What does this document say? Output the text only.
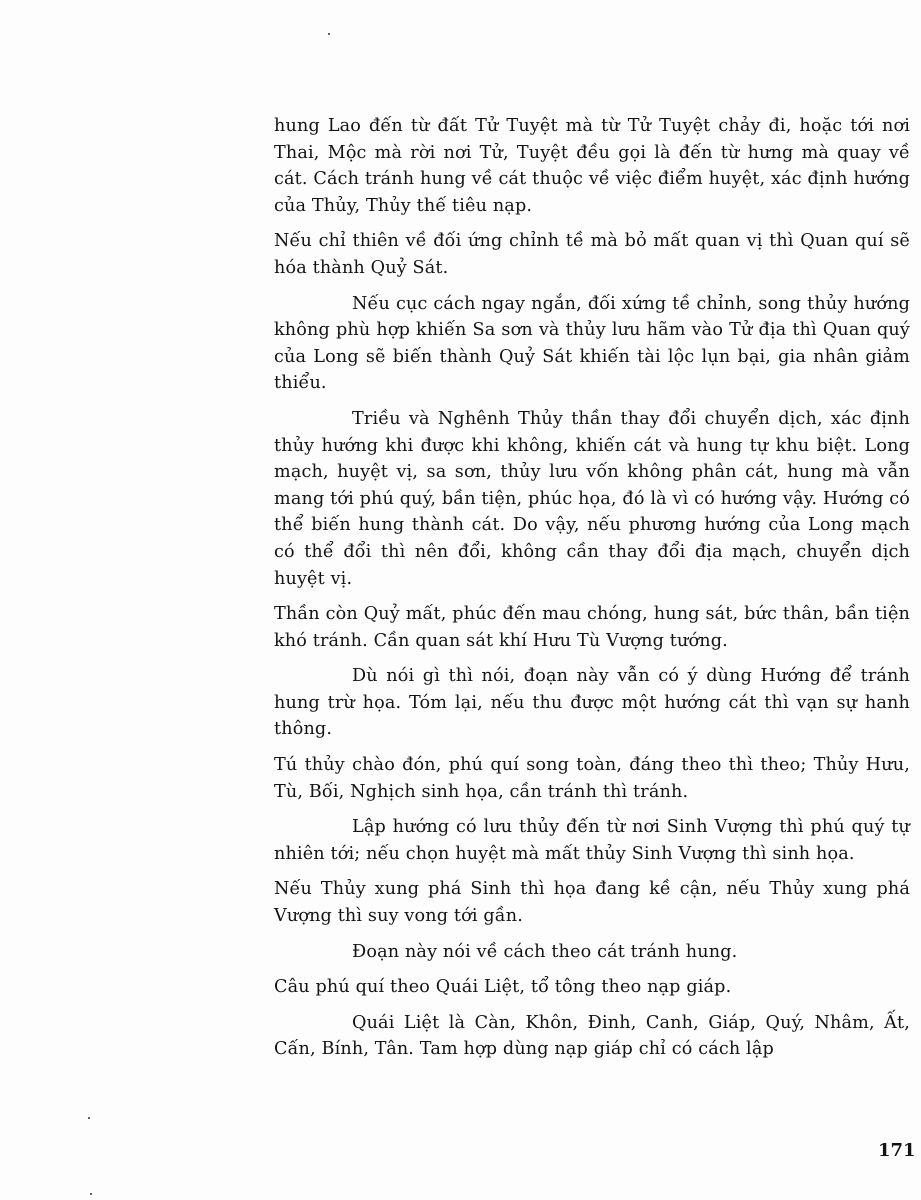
hung Lao đến từ đất Tử Tuyệt mà từ Tử Tuyệt chảy đi, hoặc tới nơi Thai, Mộc mà rời nơi Tử, Tuyệt đều gọi là đến từ hưng mà quay về cát. Cách tránh hung về cát thuộc về việc điểm huyệt, xác định hướng của Thủy, Thủy thế tiêu nạp.

Nếu chỉ thiên về đối ứng chỉnh tề mà bỏ mất quan vị thì Quan quí sẽ hóa thành Quỷ Sát.

Nếu cục cách ngay ngắn, đối xứng tề chỉnh, song thủy hướng không phù hợp khiến Sa sơn và thủy lưu hãm vào Tử địa thì Quan quý của Long sẽ biến thành Quỷ Sát khiến tài lộc lụn bại, gia nhân giảm thiểu.

Triều và Nghênh Thủy thần thay đổi chuyển dịch, xác định thủy hướng khi được khi không, khiến cát và hung tự khu biệt. Long mạch, huyệt vị, sa sơn, thủy lưu vốn không phân cát, hung mà vẫn mang tới phú quý, bần tiện, phúc họa, đó là vì có hướng vậy. Hướng có thể biến hung thành cát. Do vậy, nếu phương hướng của Long mạch có thể đổi thì nên đổi, không cần thay đổi địa mạch, chuyển dịch huyệt vị.

Thần còn Quỷ mất, phúc đến mau chóng, hung sát, bức thân, bần tiện khó tránh. Cần quan sát khí Hưu Tù Vượng tướng.

Dù nói gì thì nói, đoạn này vẫn có ý dùng Hướng để tránh hung trừ họa. Tóm lại, nếu thu được một hướng cát thì vạn sự hanh thông.

Tú thủy chào đón, phú quí song toàn, đáng theo thì theo; Thủy Hưu, Tù, Bối, Nghịch sinh họa, cần tránh thì tránh.

Lập hướng có lưu thủy đến từ nơi Sinh Vượng thì phú quý tự nhiên tới; nếu chọn huyệt mà mất thủy Sinh Vượng thì sinh họa.

Nếu Thủy xung phá Sinh thì họa đang kề cận, nếu Thủy xung phá Vượng thì suy vong tới gần.

Đoạn này nói về cách theo cát tránh hung.

Câu phú quí theo Quái Liệt, tổ tông theo nạp giáp.

Quái Liệt là Càn, Khôn, Đinh, Canh, Giáp, Quý, Nhâm, Ất, Cấn, Bính, Tân. Tam hợp dùng nạp giáp chỉ có cách lập

171
